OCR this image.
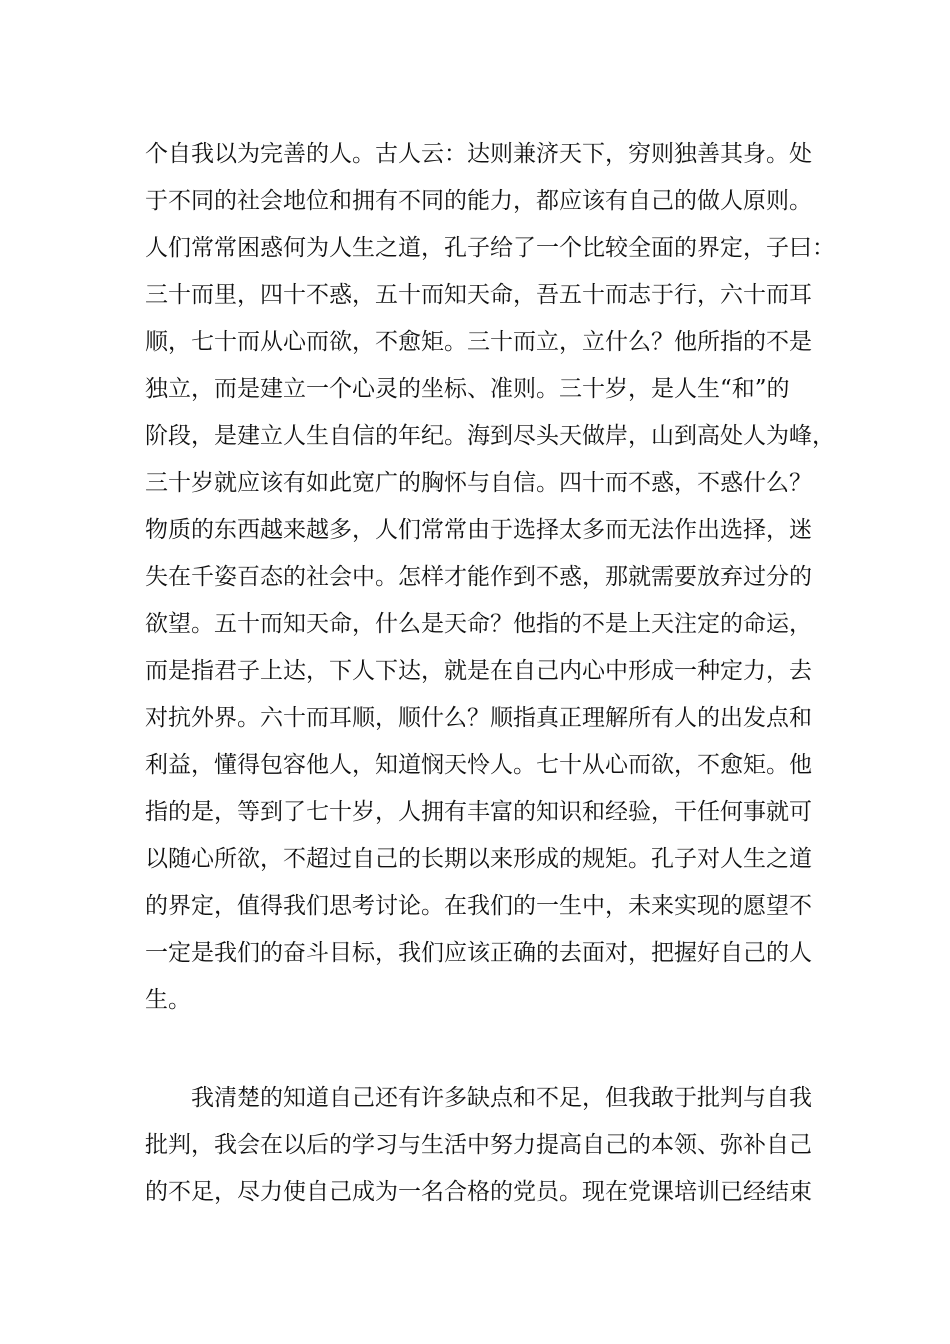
个自我以为完善的人。古人云：达则兼济天下，穷则独善其身。处
于不同的社会地位和拥有不同的能力，都应该有自己的做人原则。
人们常常困惑何为人生之道，孔子给了一个比较全面的界定，子曰：
三十而里，四十不惑，五十而知天命，吾五十而志于行，六十而耳
顺，七十而从心而欲，不愈矩。三十而立，立什么？他所指的不是
独立，而是建立一个心灵的坐标、准则。三十岁，是人生“和”的
阶段，是建立人生自信的年纪。海到尽头天做岸，山到高处人为峰，
三十岁就应该有如此宽广的胸怀与自信。四十而不惑，不惑什么？
物质的东西越来越多，人们常常由于选择太多而无法作出选择，迷
失在千姿百态的社会中。怎样才能作到不惑，那就需要放弃过分的
欲望。五十而知天命，什么是天命？他指的不是上天注定的命运，
而是指君子上达，下人下达，就是在自己内心中形成一种定力，去
对抗外界。六十而耳顺，顺什么？顺指真正理解所有人的出发点和
利益，懂得包容他人，知道悯天怜人。七十从心而欲，不愈矩。他
指的是，等到了七十岁，人拥有丰富的知识和经验，干任何事就可
以随心所欲，不超过自己的长期以来形成的规矩。孔子对人生之道
的界定，值得我们思考讨论。在我们的一生中，未来实现的愿望不
一定是我们的奋斗目标，我们应该正确的去面对，把握好自己的人
生。
我清楚的知道自己还有许多缺点和不足，但我敢于批判与自我
批判，我会在以后的学习与生活中努力提高自己的本领、弥补自己
的不足，尽力使自己成为一名合格的党员。现在党课培训已经结束
